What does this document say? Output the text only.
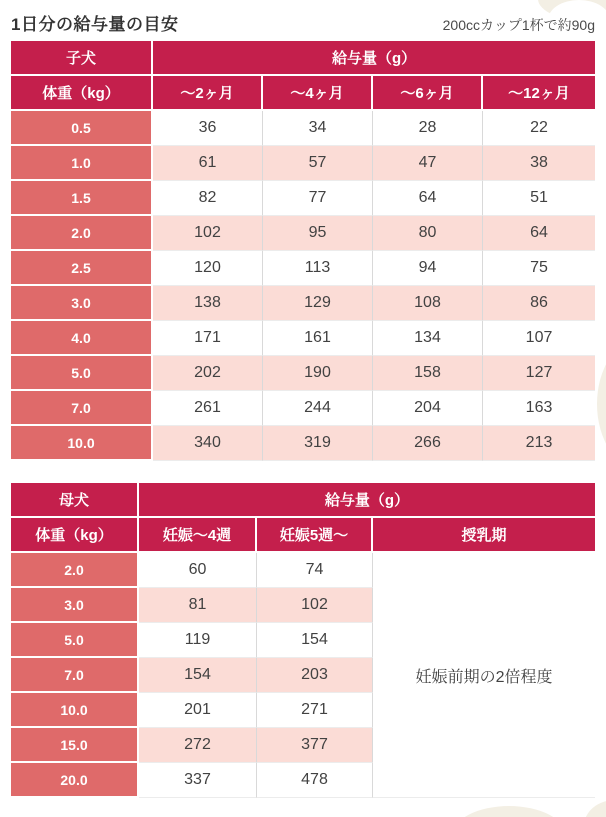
1日分の給与量の目安	200ccカップ1杯で約90g
子犬	給与量（g）			
体重（kg）	〜2ヶ月	〜4ヶ月	〜6ヶ月	〜12ヶ月
0.5	36	34	28	22
1.0	61	57	47	38
1.5	82	77	64	51
2.0	102	95	80	64
2.5	120	113	94	75
3.0	138	129	108	86
4.0	171	161	134	107
5.0	202	190	158	127
7.0	261	244	204	163
10.0	340	319	266	213
母犬	給与量（g）		
体重（kg）	妊娠〜4週	妊娠5週〜	授乳期
2.0	60	74	妊娠前期の2倍程度
3.0	81	102	
5.0	119	154	
7.0	154	203	
10.0	201	271	
15.0	272	377	
20.0	337	478	
